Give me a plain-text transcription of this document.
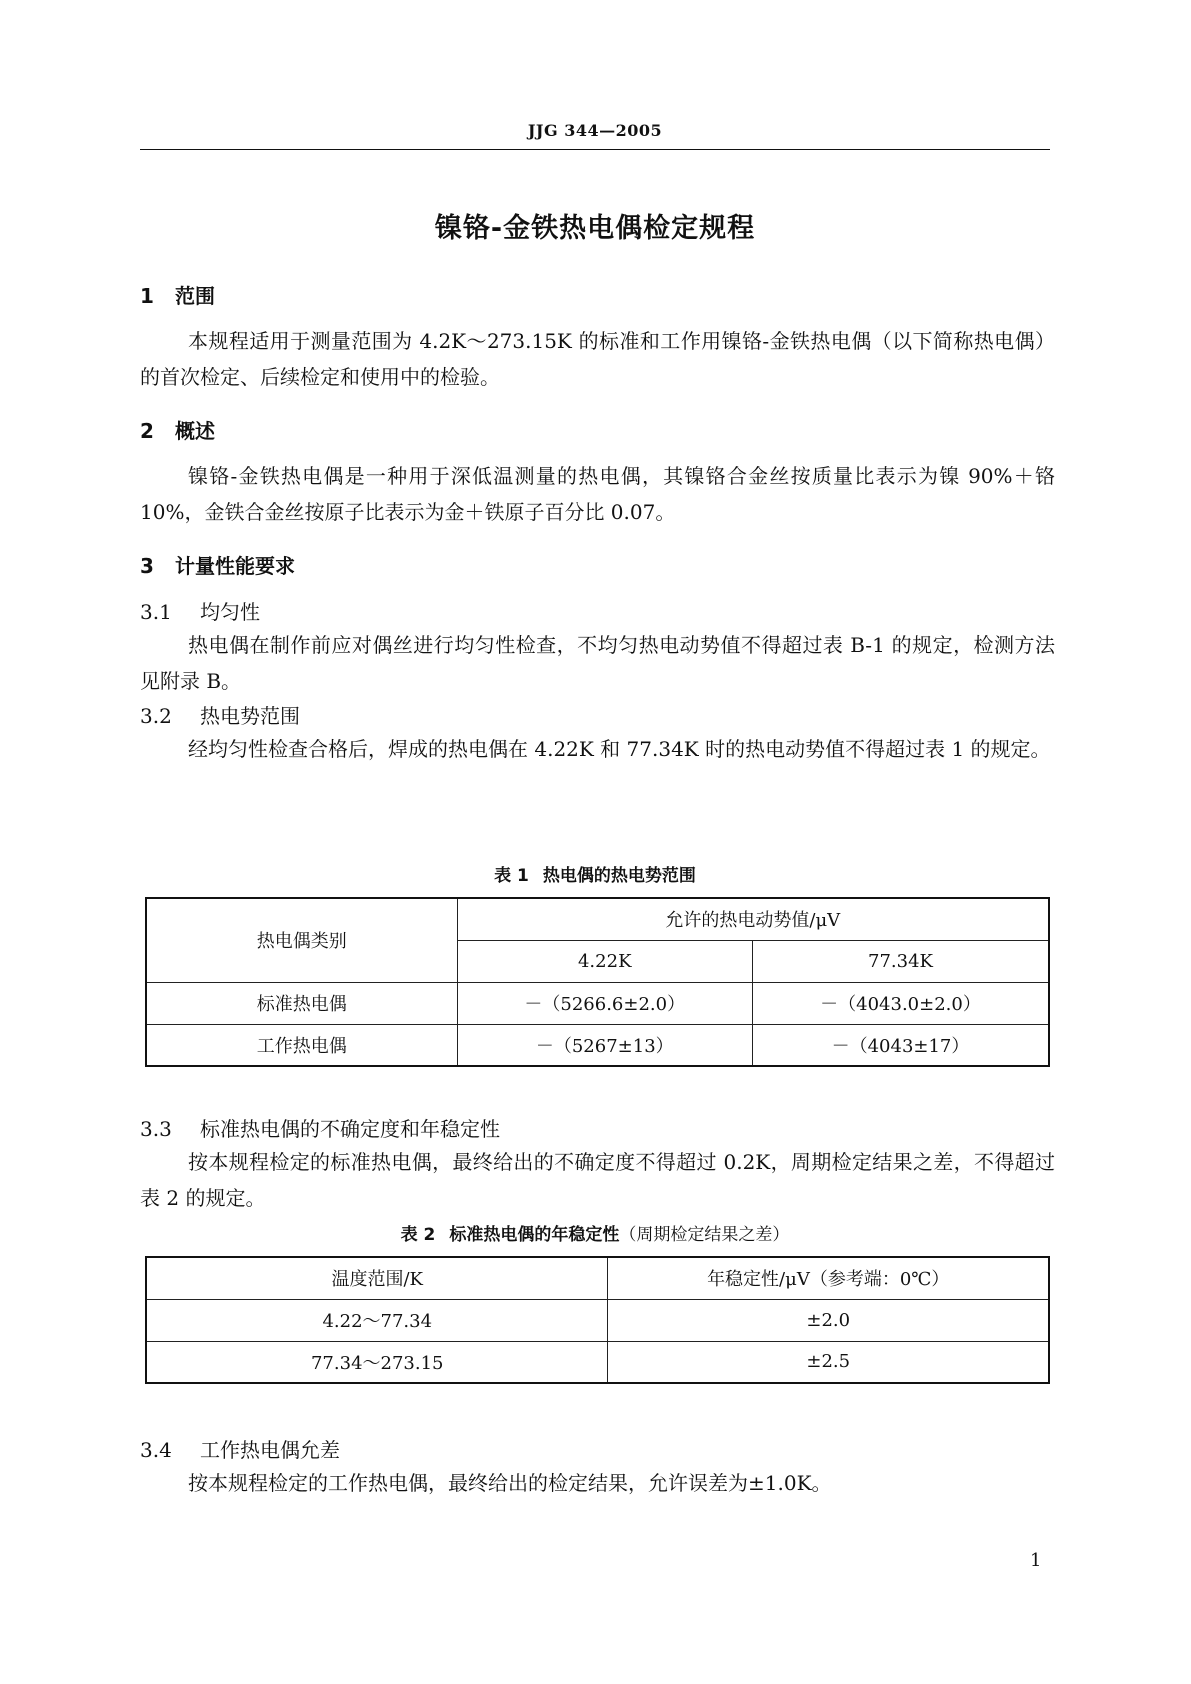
JJG 344—2005
镍铬-金铁热电偶检定规程
1 范围
本规程适用于测量范围为 4.2K～273.15K 的标准和工作用镍铬-金铁热电偶（以下简称热电偶）的首次检定、后续检定和使用中的检验。
2 概述
镍铬-金铁热电偶是一种用于深低温测量的热电偶，其镍铬合金丝按质量比表示为镍 90%＋铬 10%，金铁合金丝按原子比表示为金＋铁原子百分比 0.07。
3 计量性能要求
3.1 均匀性
热电偶在制作前应对偶丝进行均匀性检查，不均匀热电动势值不得超过表 B-1 的规定，检测方法见附录 B。
3.2 热电势范围
经均匀性检查合格后，焊成的热电偶在 4.22K 和 77.34K 时的热电动势值不得超过表 1 的规定。
表 1 热电偶的热电势范围
热电偶类别	允许的热电动势值/μV	
	4.22K	77.34K
标准热电偶	－（5266.6±2.0）	－（4043.0±2.0）
工作热电偶	－（5267±13）	－（4043±17）
3.3 标准热电偶的不确定度和年稳定性
按本规程检定的标准热电偶，最终给出的不确定度不得超过 0.2K，周期检定结果之差，不得超过表 2 的规定。
表 2 标准热电偶的年稳定性（周期检定结果之差）
温度范围/K	年稳定性/μV（参考端：0℃）
4.22～77.34	±2.0
77.34～273.15	±2.5
3.4 工作热电偶允差
按本规程检定的工作热电偶，最终给出的检定结果，允许误差为±1.0K。
1
